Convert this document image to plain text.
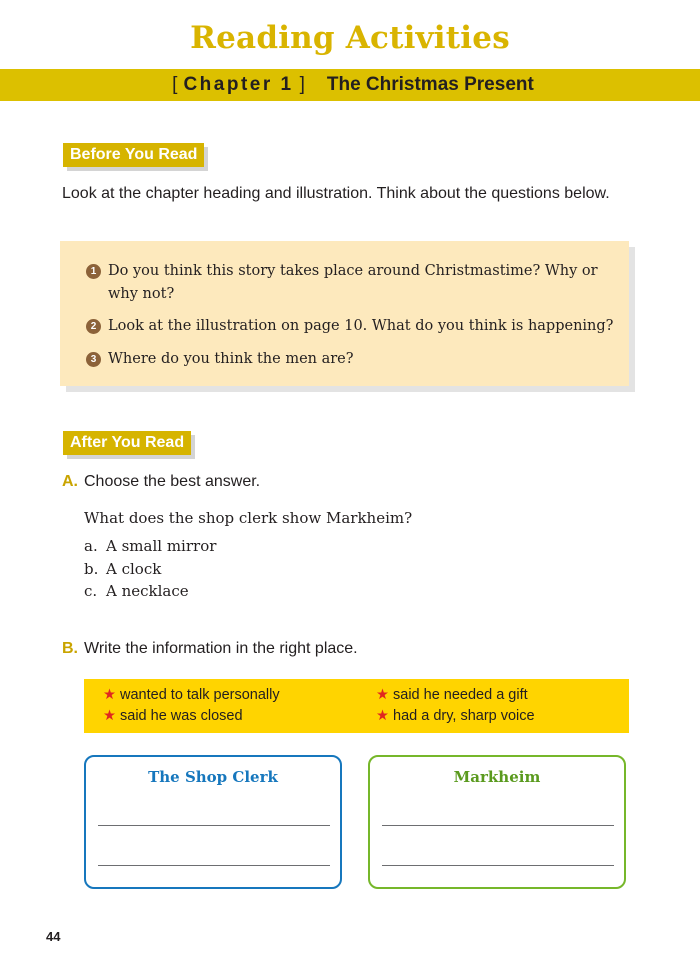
Reading Activities
[ Chapter 1 ] The Christmas Present
Before You Read
Look at the chapter heading and illustration. Think about the questions below.
1 Do you think this story takes place around Christmastime? Why or why not?
2 Look at the illustration on page 10. What do you think is happening?
3 Where do you think the men are?
After You Read
A. Choose the best answer.
What does the shop clerk show Markheim?
a. A small mirror
b. A clock
c. A necklace
B. Write the information in the right place.
★ wanted to talk personally	★ said he needed a gift
★ said he was closed	★ had a dry, sharp voice
The Shop Clerk	Markheim
44
